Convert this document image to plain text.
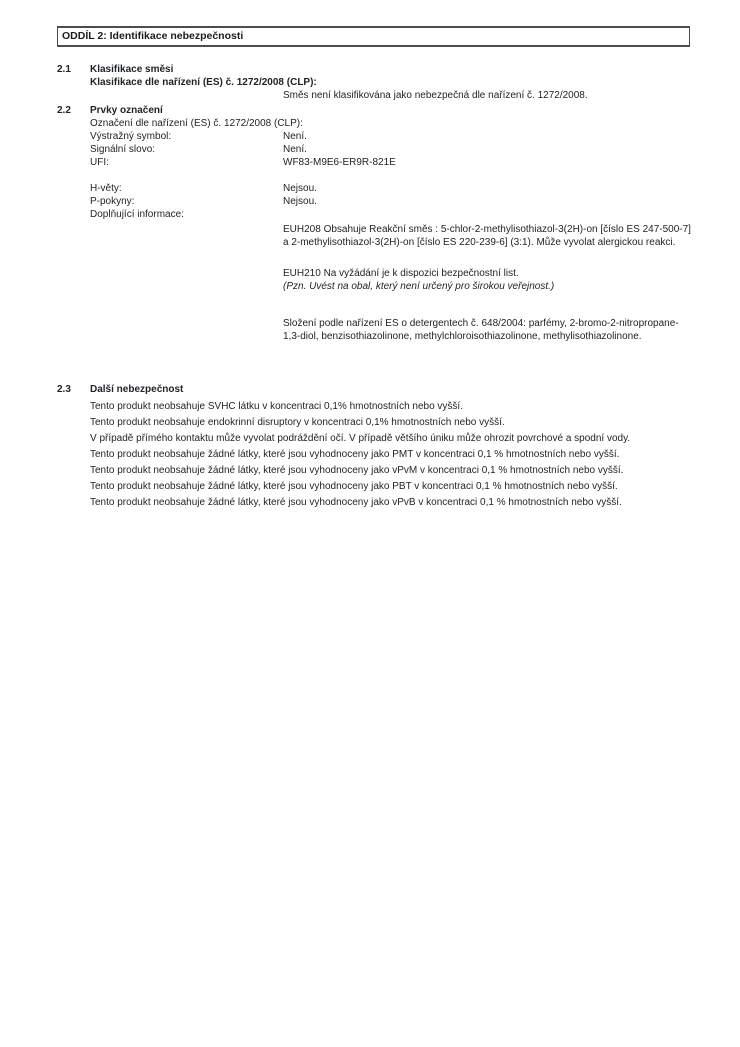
ODDÍL 2: Identifikace nebezpečnosti
2.1	Klasifikace směsi
Klasifikace dle nařízení (ES) č. 1272/2008 (CLP):
Směs není klasifikována jako nebezpečná dle nařízení č. 1272/2008.
2.2	Prvky označení
Označení dle nařízení (ES) č. 1272/2008 (CLP):
Výstražný symbol:	Není.
Signální slovo:	Není.
UFI:	WF83-M9E6-ER9R-821E
H-věty:	Nejsou.
P-pokyny:	Nejsou.
Doplňující informace:
EUH208 Obsahuje Reakční směs : 5-chlor-2-methylisothiazol-3(2H)-on [číslo ES 247-500-7] a 2-methylisothiazol-3(2H)-on [číslo ES 220-239-6] (3:1). Může vyvolat alergickou reakci.
EUH210 Na vyžádání je k dispozici bezpečnostní list.
(Pzn. Uvést na obal, který není určený pro širokou veřejnost.)
Složení podle nařízení ES o detergentech č. 648/2004: parfémy, 2-bromo-2-nitropropane-1,3-diol, benzisothiazolinone, methylchloroisothiazolinone, methylisothiazolinone.
2.3	Další nebezpečnost
Tento produkt neobsahuje SVHC látku v koncentraci 0,1% hmotnostních nebo vyšší.
Tento produkt neobsahuje endokrinní disruptory v koncentraci 0,1% hmotnostních nebo vyšší.
V případě přímého kontaktu může vyvolat podráždění očí. V případě většího úniku může ohrozit povrchové a spodní vody.
Tento produkt neobsahuje žádné látky, které jsou vyhodnoceny jako PMT v koncentraci 0,1 % hmotnostních nebo vyšší.
Tento produkt neobsahuje žádné látky, které jsou vyhodnoceny jako vPvM v koncentraci 0,1 % hmotnostních nebo vyšší.
Tento produkt neobsahuje žádné látky, které jsou vyhodnoceny jako PBT v koncentraci 0,1 % hmotnostních nebo vyšší.
Tento produkt neobsahuje žádné látky, které jsou vyhodnoceny jako vPvB v koncentraci 0,1 % hmotnostních nebo vyšší.
